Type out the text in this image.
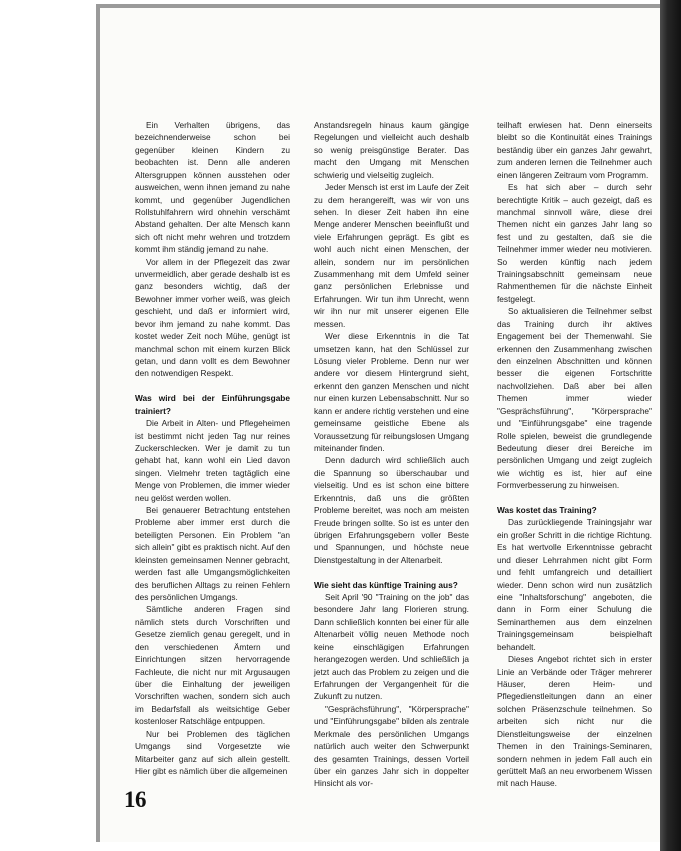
Ein Verhalten übrigens, das bezeichnenderweise schon bei gegenüber kleinen Kindern zu beobachten ist. Denn alle anderen Altersgruppen können ausstehen oder ausweichen, wenn ihnen jemand zu nahe kommt, und gegenüber Jugendlichen Rollstuhlfahrern wird ohnehin verschämt Abstand gehalten. Der alte Mensch kann sich oft nicht mehr wehren und trotzdem kommt ihm ständig jemand zu nahe.

Vor allem in der Pflegezeit das zwar unvermeidlich, aber gerade deshalb ist es ganz besonders wichtig, daß der Bewohner immer vorher weiß, was gleich geschieht, und daß er informiert wird, bevor ihm jemand zu nahe kommt. Das kostet weder Zeit noch Mühe, genügt ist manchmal schon mit einem kurzen Blick getan, und dann vollt es dem Bewohner den notwendigen Respekt.

Was wird bei der Einführungsgabe trainiert?

Die Arbeit in Alten- und Pflegeheimen ist bestimmt nicht jeden Tag nur reines Zuckerschlecken. Wer je damit zu tun gehabt hat, kann wohl ein Lied davon singen. Vielmehr treten tagtäglich eine Menge von Problemen, die immer wieder neu gelöst werden wollen.

Bei genauerer Betrachtung entstehen Probleme aber immer erst durch die beteiligten Personen. Ein Problem "an sich allein" gibt es praktisch nicht. Auf den kleinsten gemeinsamen Nenner gebracht, werden fast alle Umgangsmöglichkeiten des beruflichen Alltags zu reinen Fehlern des persönlichen Umgangs.

Sämtliche anderen Fragen sind nämlich stets durch Vorschriften und Gesetze ziemlich genau geregelt, und in den verschiedenen Ämtern und Einrichtungen sitzen hervorragende Fachleute, die nicht nur mit Argusaugen über die Einhaltung der jeweiligen Vorschriften wachen, sondern sich auch im Bedarfsfall als weitsichtige Geber kostenloser Ratschläge entpuppen.

Nur bei Problemen des täglichen Umgangs sind Vorgesetzte wie Mitarbeiter ganz auf sich allein gestellt. Hier gibt es nämlich über die allgemeinen

Anstandsregeln hinaus kaum gängige Regelungen und vielleicht auch deshalb so wenig preisgünstige Berater. Das macht den Umgang mit Menschen schwierig und vielseitig zugleich.

Jeder Mensch ist erst im Laufe der Zeit zu dem herangereift, was wir von uns sehen. In dieser Zeit haben ihn eine Menge anderer Menschen beeinflußt und viele Erfahrungen geprägt. Es gibt es wohl auch nicht einen Menschen, der allein, sondern nur im persönlichen Zusammenhang mit dem Umfeld seiner ganz persönlichen Erlebnisse und Erfahrungen. Wir tun ihm Unrecht, wenn wir ihn nur mit unserer eigenen Elle messen.

Wer diese Erkenntnis in die Tat umsetzen kann, hat den Schlüssel zur Lösung vieler Probleme. Denn nur wer andere vor diesem Hintergrund sieht, erkennt den ganzen Menschen und nicht nur einen kurzen Lebensabschnitt. Nur so kann er andere richtig verstehen und eine gemeinsame geistliche Ebene als Voraussetzung für reibungslosen Umgang miteinander finden.

Denn dadurch wird schließlich auch die Spannung so überschaubar und vielseitig. Und es ist schon eine bittere Erkenntnis, daß uns die größten Probleme bereitet, was noch am meisten Freude bringen sollte. So ist es unter den übrigen Erfahrungsgebern voller Beste und Spannungen, und höchste neue Dienstgestaltung in der Altenarbeit.

Wie sieht das künftige Training aus?

Seit April '90 "Training on the job" das besondere Jahr lang Florieren strung. Dann schließlich konnten bei einer für alle Altenarbeit völlig neuen Methode noch keine einschlägigen Erfahrungen herangezogen werden. Und schließlich ja jetzt auch das Problem zu zeigen und die Erfahrungen der Vergangenheit für die Zukunft zu nutzen.

"Gesprächsführung", "Körpersprache" und "Einführungsgabe" bilden als zentrale Merkmale des persönlichen Umgangs natürlich auch weiter den Schwerpunkt des gesamten Trainings, dessen Vorteil über ein ganzes Jahr sich in doppelter Hinsicht als vor-

teilhaft erwiesen hat. Denn einerseits bleibt so die Kontinuität eines Trainings beständig über ein ganzes Jahr gewahrt, zum anderen lernen die Teilnehmer auch einen längeren Zeitraum vom Programm.

Es hat sich aber – durch sehr berechtigte Kritik – auch gezeigt, daß es manchmal sinnvoll wäre, diese drei Themen nicht ein ganzes Jahr lang so fest und zu gestalten, daß sie die Teilnehmer immer wieder neu motivieren. So werden künftig nach jedem Trainingsabschnitt gemeinsam neue Rahmenthemen für die nächste Einheit festgelegt.

So aktualisieren die Teilnehmer selbst das Training durch ihr aktives Engagement bei der Themenwahl. Sie erkennen den Zusammenhang zwischen den einzelnen Abschnitten und können besser die eigenen Fortschritte nachvollziehen. Daß aber bei allen Themen immer wieder "Gesprächsführung", "Körpersprache" und "Einführungsgabe" eine tragende Rolle spielen, beweist die grundlegende Bedeutung dieser drei Bereiche im persönlichen Umgang und zeigt zugleich wie wichtig es ist, hier auf eine Formverbesserung zu hinweisen.

Was kostet das Training?

Das zurückliegende Trainingsjahr war ein großer Schritt in die richtige Richtung. Es hat wertvolle Erkenntnisse gebracht und dieser Lehrrahmen nicht gibt Form und fehlt umfangreich und detailliert wieder. Denn schon wird nun zusätzlich eine "Inhaltsforschung" angeboten, die dann in Form einer Schulung die Seminarthemen aus dem einzelnen Trainingsgemeinsam beispielhaft behandelt.

Dieses Angebot richtet sich in erster Linie an Verbände oder Träger mehrerer Häuser, deren Heim- und Pflegedienstleitungen dann an einer solchen Präsenzschule teilnehmen. So arbeiten sich nicht nur die Dienstleitungsweise der einzelnen Themen in den Trainings-Seminaren, sondern nehmen in jedem Fall auch ein gerüttelt Maß an neu erworbenem Wissen mit nach Hause.

16
